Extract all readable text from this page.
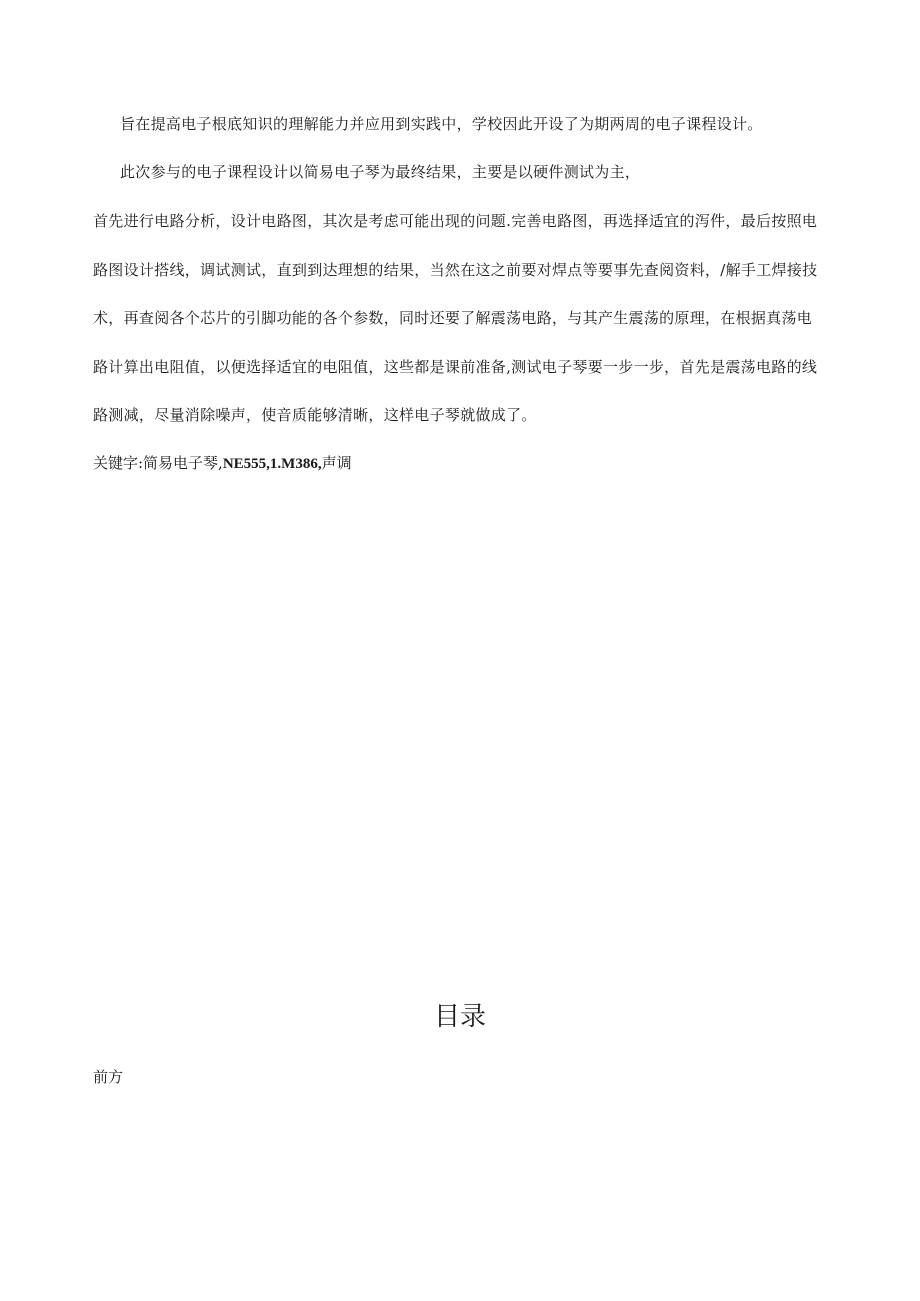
旨在提高电子根底知识的理解能力并应用到实践中，学校因此开设了为期两周的电子课程设计。
此次参与的电子课程设计以简易电子琴为最终结果，主要是以硬件测试为主，
首先进行电路分析，设计电路图，其次是考虑可能出现的问题.完善电路图，再选择适宜的泻件，最后按照电
路图设计搭线，调试测试，直到到达理想的结果，当然在这之前要对焊点等要事先查阅资料，/解手工焊接技
术，再查阅各个芯片的引脚功能的各个参数，同时还要了解震荡电路，与其产生震荡的原理，在根据真荡电
路计算出电阻值，以便选择适宜的电阻值，这些都是课前准备,测试电子琴要一步一步，首先是震荡电路的线
路测减，尽量消除噪声，使音质能够清晰，这样电子琴就做成了。
关键字:简易电子琴,NE555,1.M386,声调
目录
前方
